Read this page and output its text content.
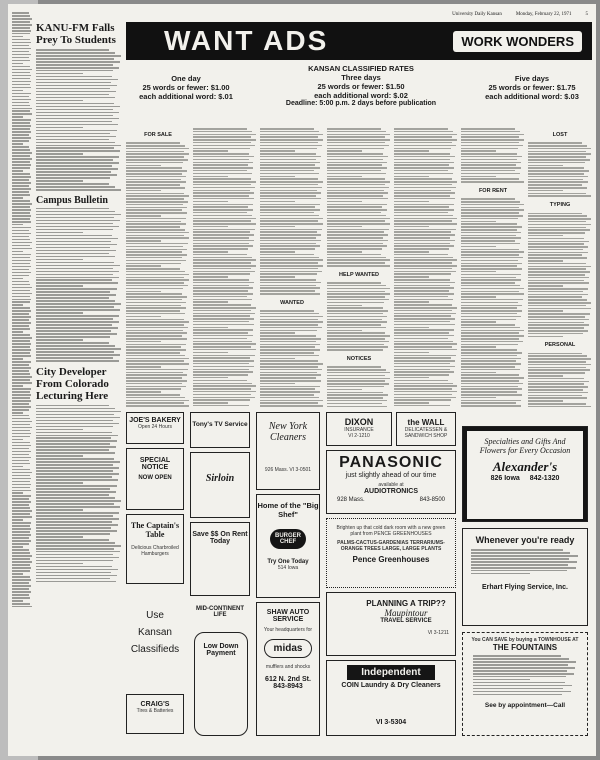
University Daily Kansan	Monday, February 22, 1971	5
KANU-FM Falls Prey To Students
Campus Bulletin
City Developer From Colorado Lecturing Here
WANT ADS	WORK WONDERS
One day
25 words or fewer: $1.00
each additional word: $.01
KANSAN CLASSIFIED RATES
Three days
25 words or fewer: $1.50
each additional word: $.02
Deadline: 5:00 p.m. 2 days before publication
Five days
25 words or fewer: $1.75
each additional word: $.03
FOR SALE
WANTED
HELP WANTED
NOTICES
FOR RENT
LOST
TYPING
PERSONAL
JOE'S BAKERY
Open 24 Hours
SPECIAL NOTICE
NOW OPEN
The Captain's Table
Delicious Charbroiled Hamburgers
Use
Kansan
Classifieds
CRAIG'S
Tires & Batteries
Tony's TV Service
Sirloin
Save $$ On Rent Today
MID-CONTINENT LIFE
Low Down Payment
New York Cleaners
926 Mass. VI 3-0501
Home of the "Big Shef"
BURGER CHEF
Try One Today
514 Iowa
SHAW AUTO SERVICE
Your headquarters for
midas
mufflers and shocks
612 N. 2nd St.
843-8943
DIXON
INSURANCE
VI 2-1210
the WALL
DELICATESSEN & SANDWICH SHOP
PANASONIC
just slightly ahead of our time
available at
AUDIOTRONICS
928 Mass.	843-8500
Brighten up that cold dark room with a new green plant from PENCE GREENHOUSES
PALMS-CACTUS-GARDENIAS TERRARIUMS-ORANGE TREES LARGE, LARGE PLANTS
Pence Greenhouses
PLANNING A TRIP??
Maupintour
TRAVEL SERVICE
VI 3-1211
Independent
COIN Laundry & Dry Cleaners
VI 3-5304
Specialties and Gifts And Flowers for Every Occasion
Alexander's
826 Iowa 842-1320
Whenever you're ready
Erhart Flying Service, Inc.
You CAN SAVE by buying a TOWNHOUSE AT
THE FOUNTAINS
See by appointment—Call
